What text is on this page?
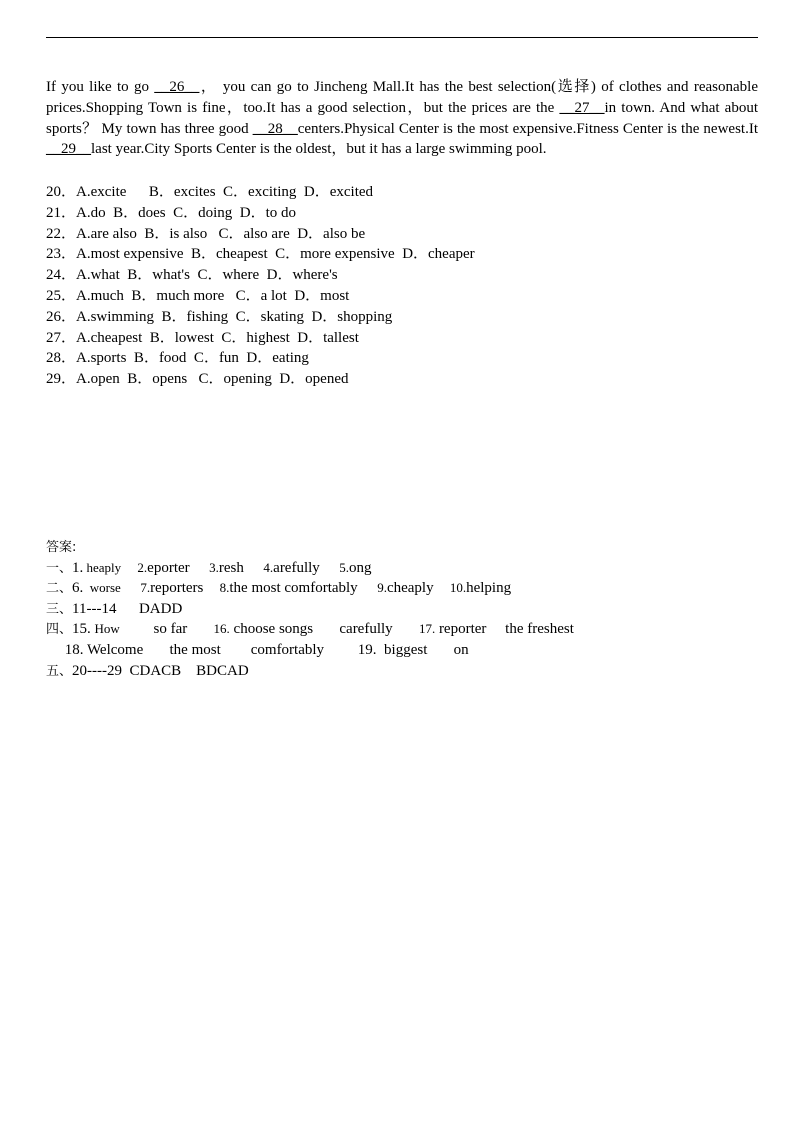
If you like to go __26__， you can go to Jincheng Mall.It has the best selection(选择) of clothes and reasonable prices.Shopping Town is fine，too.It has a good selection，but the prices are the __27__in town. And what about sports？ My town has three good __28__centers.Physical Center is the most expensive.Fitness Center is the newest.It __29__last year.City Sports Center is the oldest，but it has a large swimming pool.
20．A.excite      B．excites  C．exciting  D．excited
21．A.do  B．does  C．doing  D．to do
22．A.are also  B．is also   C．also are  D．also be
23．A.most expensive  B．cheapest  C．more expensive  D．cheaper
24．A.what  B．what's  C．where  D．where's
25．A.much  B．much more   C．a lot  D．most
26．A.swimming  B．fishing  C．skating  D．shopping
27．A.cheapest  B．lowest  C．highest  D．tallest
28．A.sports  B．food  C．fun  D．eating
29．A.open  B．opens   C．opening  D．opened
答案:
一、1. heaply     2.eporter      3.resh      4.arefully      5.ong
二、6.  worse      7.reporters     8.the most comfortably      9.cheaply     10.helping
三、11---14      DADD
四、15. How         so far       16. choose songs       carefully       17. reporter     the freshest
18. Welcome       the most        comfortably         19.  biggest       on
五、20----29  CDACB    BDCAD
